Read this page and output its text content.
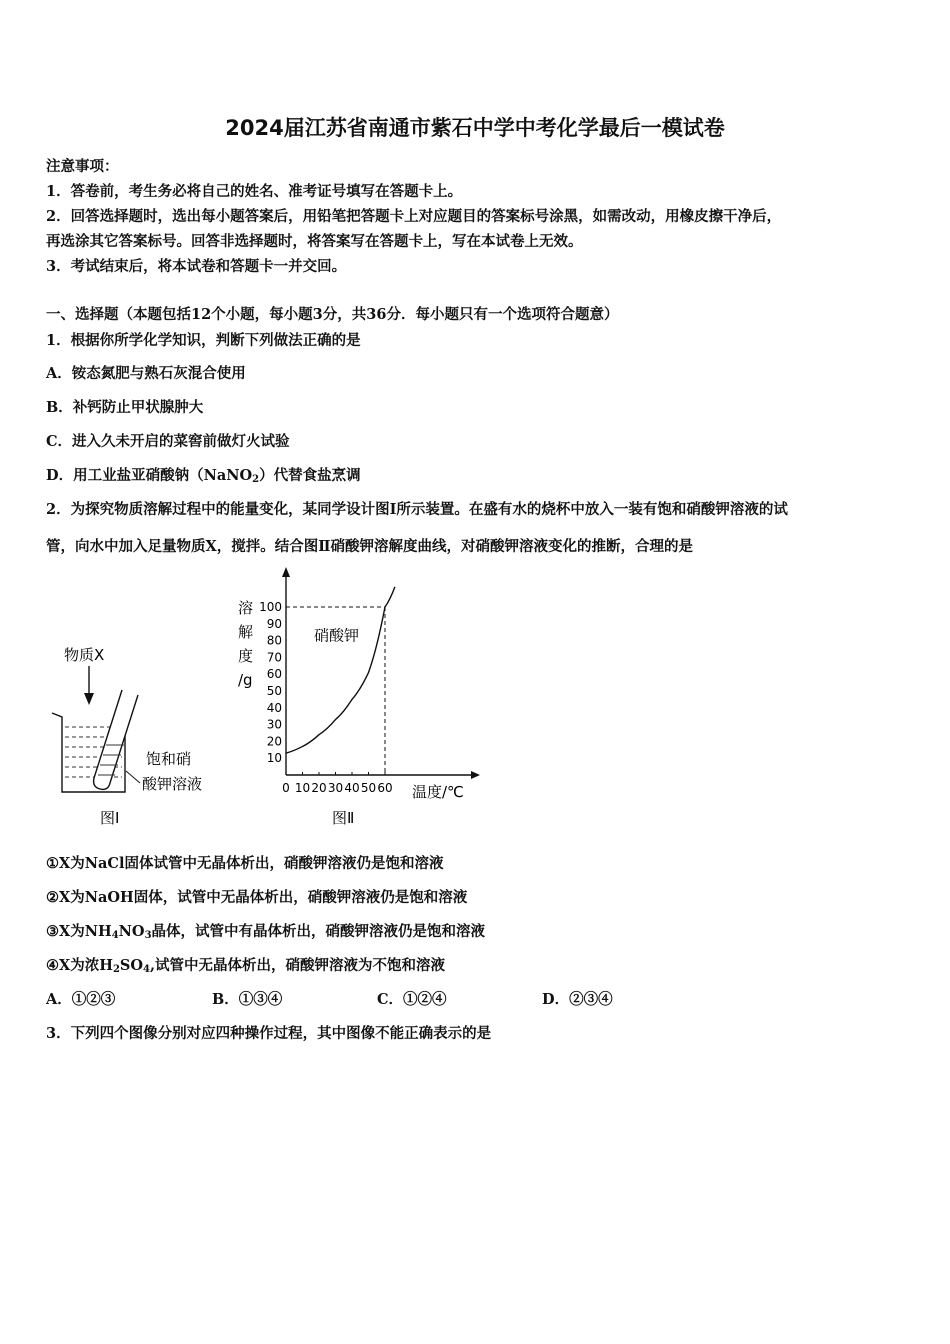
2024届江苏省南通市紫石中学中考化学最后一模试卷
注意事项：
1．答卷前，考生务必将自己的姓名、准考证号填写在答题卡上。
2．回答选择题时，选出每小题答案后，用铅笔把答题卡上对应题目的答案标号涂黑，如需改动，用橡皮擦干净后，
再选涂其它答案标号。回答非选择题时，将答案写在答题卡上，写在本试卷上无效。
3．考试结束后，将本试卷和答题卡一并交回。
一、选择题（本题包括12个小题，每小题3分，共36分．每小题只有一个选项符合题意）
1．根据你所学化学知识，判断下列做法正确的是
A．铵态氮肥与熟石灰混合使用
B．补钙防止甲状腺肿大
C．进入久未开启的菜窖前做灯火试验
D．用工业盐亚硝酸钠（NaNO$_2$）代替食盐烹调
2．为探究物质溶解过程中的能量变化，某同学设计图Ⅰ所示装置。在盛有水的烧杯中放入一装有饱和硝酸钾溶液的试
管，向水中加入足量物质X，搅拌。结合图Ⅱ硝酸钾溶解度曲线，对硝酸钾溶液变化的推断，合理的是
物质X
饱和硝
酸钾溶液
图Ⅰ
溶
解
度
/g
10
20
30
40
50
60
70
80
90
100
0 10 20 30 40 50 60
硝酸钾
温度/℃
图Ⅱ
①X为NaCl固体试管中无晶体析出，硝酸钾溶液仍是饱和溶液
②X为NaOH固体，试管中无晶体析出，硝酸钾溶液仍是饱和溶液
③X为$NH_4NO_3$晶体，试管中有晶体析出，硝酸钾溶液仍是饱和溶液
④X为浓$H_2SO_4$,试管中无晶体析出，硝酸钾溶液为不饱和溶液
A．①②③	B．①③④	C．①②④	D．②③④
3．下列四个图像分别对应四种操作过程，其中图像不能正确表示的是
